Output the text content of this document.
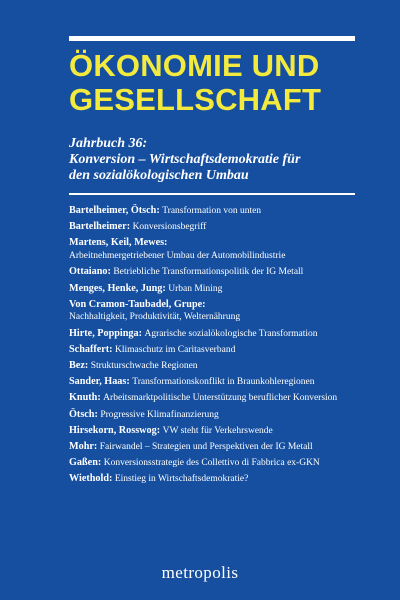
ÖKONOMIE UND
GESELLSCHAFT
Jahrbuch 36:
Konversion – Wirtschaftsdemokratie für
den sozialökologischen Umbau
Bartelheimer, Ötsch: Transformation von unten
Bartelheimer: Konversionsbegriff
Martens, Keil, Mewes:
Arbeitnehmergetriebener Umbau der Automobilindustrie
Ottaiano: Betriebliche Transformationspolitik der IG Metall
Menges, Henke, Jung: Urban Mining
Von Cramon-Taubadel, Grupe:
Nachhaltigkeit, Produktivität, Welternährung
Hirte, Poppinga: Agrarische sozialökologische Transformation
Schaffert: Klimaschutz im Caritasverband
Bez: Strukturschwache Regionen
Sander, Haas: Transformationskonflikt in Braunkohleregionen
Knuth: Arbeitsmarktpolitische Unterstützung beruflicher Konversion
Ötsch: Progressive Klimafinanzierung
Hirsekorn, Rosswog: VW steht für Verkehrswende
Mohr: Fairwandel – Strategien und Perspektiven der IG Metall
Gaßen: Konversionsstrategie des Collettivo di Fabbrica ex-GKN
Wiethold: Einstieg in Wirtschaftsdemokratie?
metropolis
